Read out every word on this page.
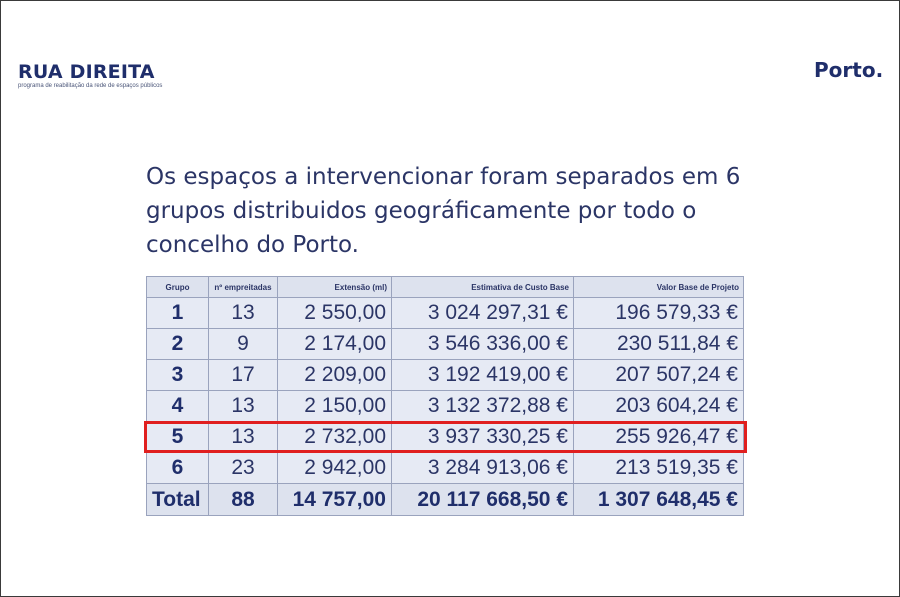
RUA DIREITA
programa de reabilitação da rede de espaços públicos
Porto.
Os espaços a intervencionar foram separados em 6
grupos distribuidos geográficamente por todo o
concelho do Porto.
Grupo	nº empreitadas	Extensão (ml)	Estimativa de Custo Base	Valor Base de Projeto
1	13	2 550,00	3 024 297,31 €	196 579,33 €
2	9	2 174,00	3 546 336,00 €	230 511,84 €
3	17	2 209,00	3 192 419,00 €	207 507,24 €
4	13	2 150,00	3 132 372,88 €	203 604,24 €
5	13	2 732,00	3 937 330,25 €	255 926,47 €
6	23	2 942,00	3 284 913,06 €	213 519,35 €
Total	88	14 757,00	20 117 668,50 €	1 307 648,45 €
